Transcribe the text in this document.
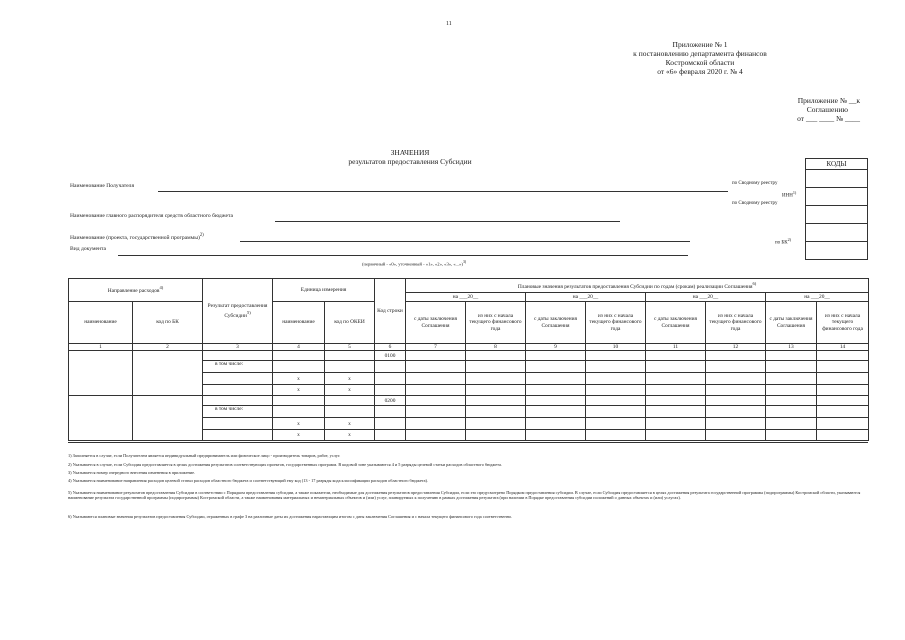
11
Приложение № 1
к постановлению департамента финансов
Костромской области
от «6» февраля 2020 г. № 4
Приложение № __к
Соглашению
от ___ ____ № ____
ЗНАЧЕНИЯ
результатов предоставления Субсидии	КОДЫ

по Сводному реестру
ИНН$^{1)}$
по Сводному реестру
по БК$^{2)}$
Наименование Получателя
Наименование главного распорядителя средств областного бюджета
Наименование (проекта, государственной программы)$^{2)}$
Вид документа
(первичный - «0», уточненный - «1», «2», «3», «...»)$^{3)}$
Направление расходов$^{4)}$		Результат предоставления Субсидии$^{5)}$	Единица измерения		Код строки	Плановые значения результатов предоставления Субсидии по годам (срокам) реализации Соглашения$^{6)}$
						на ___20__		на ___20__		на ___20__		на ___20__	
наименование	код по БК		наименование	код по ОКЕИ		с даты заключения Соглашения	из них с начала текущего финансового года	с даты заключения Соглашения	из них с начала текущего финансового года	с даты заключения Соглашения	из них с начала текущего финансового года	с даты заключения Соглашения	из них с начала текущего финансового года
1	2	3	4	5	6	7	8	9	10	11	12	13	14
					0100								
		в том числе:											
			x	x									
			x	x									
					0200								
		в том числе:											
			x	x									
			x	x									
1) Заполняется в случае, если Получателем является индивидуальный предприниматель или физическое лицо - производитель товаров, работ, услуг.
2) Указывается в случае, если Субсидия предоставляется в целях достижения результатов соответствующих проектов, государственных программ. В кодовой зоне указываются 4 и 5 разряды целевой статьи расходов областного бюджета.
3) Указывается номер очередного внесения изменения в приложение.
4) Указывается наименование направления расходов целевой статьи расходов областного бюджета и соответствующий ему код (13 - 17 разряды кода классификации расходов областного бюджета).
5) Указывается наименование результатов предоставления Субсидии в соответствии с Порядком предоставления субсидии, а также показатели, необходимые для достижения результатов предоставления Субсидии, если это предусмотрено Порядком предоставления субсидии. В случае, если Субсидия предоставляется в целях достижения результата государственной программы (подпрограммы) Костромской области, указываются наименование результата государственной программы (подпрограммы) Костромской области, а также наименования материальных и нематериальных объектов и (или) услуг, планируемых к получению в рамках достижения результата (при наличии в Порядке предоставления субсидии положений о данных объектах и (или) услугах).
6) Указываются плановые значения результатов предоставления Субсидии, отраженных в графе 3 на различные даты их достижения нарастающим итогом с даты заключения Соглашения и с начала текущего финансового года соответственно.
